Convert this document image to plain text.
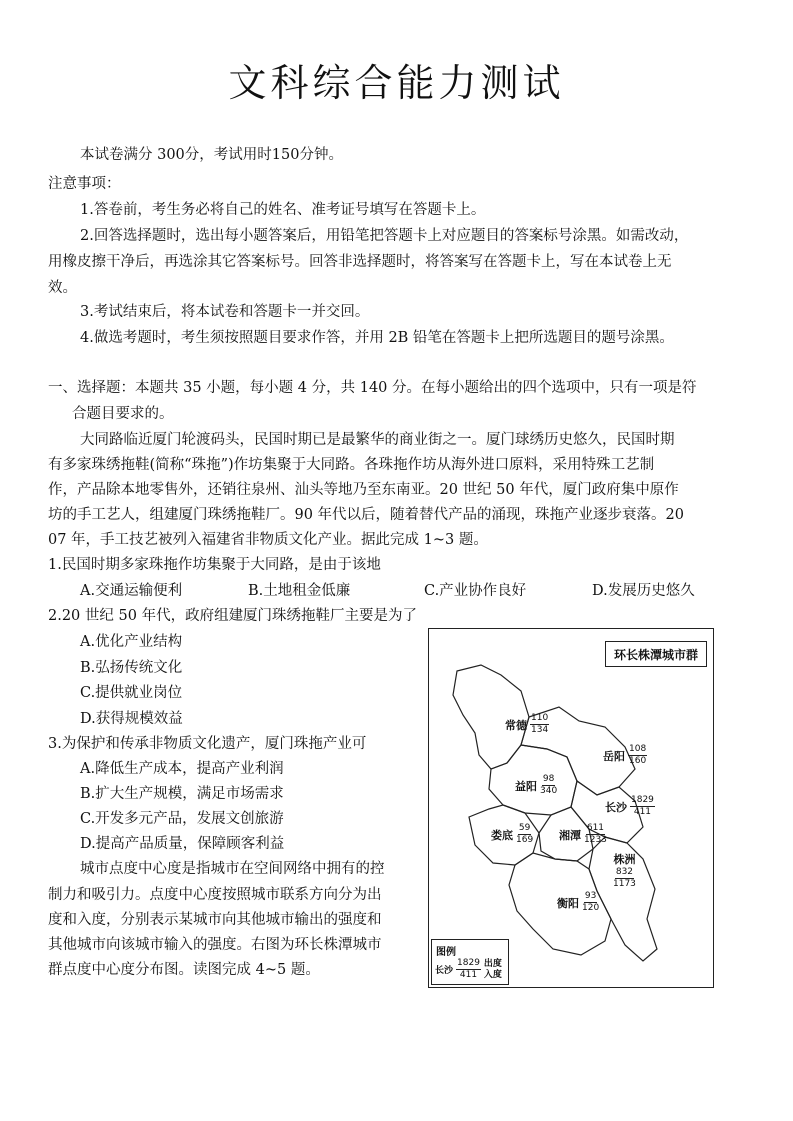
文科综合能力测试
本试卷满分 300分，考试用时150分钟。
注意事项：
1.答卷前，考生务必将自己的姓名、准考证号填写在答题卡上。
2.回答选择题时，选出每小题答案后，用铅笔把答题卡上对应题目的答案标号涂黑。如需改动，
用橡皮擦干净后，再选涂其它答案标号。回答非选择题时，将答案写在答题卡上，写在本试卷上无
效。
3.考试结束后，将本试卷和答题卡一并交回。
4.做选考题时，考生须按照题目要求作答，并用 2B 铅笔在答题卡上把所选题目的题号涂黑。
一、选择题：本题共 35 小题，每小题 4 分，共 140 分。在每小题给出的四个选项中，只有一项是符
合题目要求的。
大同路临近厦门轮渡码头，民国时期已是最繁华的商业街之一。厦门球绣历史悠久，民国时期
有多家珠绣拖鞋(简称“珠拖”)作坊集聚于大同路。各珠拖作坊从海外进口原料，采用特殊工艺制
作，产品除本地零售外，还销往泉州、汕头等地乃至东南亚。20 世纪 50 年代，厦门政府集中原作
坊的手工艺人，组建厦门珠绣拖鞋厂。90 年代以后，随着替代产品的涌现，珠拖产业逐步衰落。20
07 年，手工技艺被列入福建省非物质文化产业。据此完成 1~3 题。
1.民国时期多家珠拖作坊集聚于大同路，是由于该地
A.交通运输便利	B.土地租金低廉	C.产业协作良好	D.发展历史悠久
2.20 世纪 50 年代，政府组建厦门珠绣拖鞋厂主要是为了
A.优化产业结构
B.弘扬传统文化
C.提供就业岗位
D.获得规模效益
3.为保护和传承非物质文化遗产，厦门珠拖产业可
A.降低生产成本，提高产业利润
B.扩大生产规模，满足市场需求
C.开发多元产品，发展文创旅游
D.提高产品质量，保障顾客利益
城市点度中心度是指城市在空间网络中拥有的控
制力和吸引力。点度中心度按照城市联系方向分为出
度和入度，分别表示某城市向其他城市输出的强度和
其他城市向该城市输入的强度。右图为环长株潭城市
群点度中心度分布图。读图完成 4~5 题。
环长株潭城市群
常德 $\frac{110}{134}$
岳阳 $\frac{108}{160}$
益阳 $\frac{98}{340}$
长沙 $\frac{1829}{411}$
娄底 $\frac{59}{169}$ 湘潭 $\frac{611}{1233}$
株洲
$\frac{832}{1173}$
衡阳 $\frac{93}{120}$
图例
长沙 $\frac{1829}{411}$ 出度
入度
